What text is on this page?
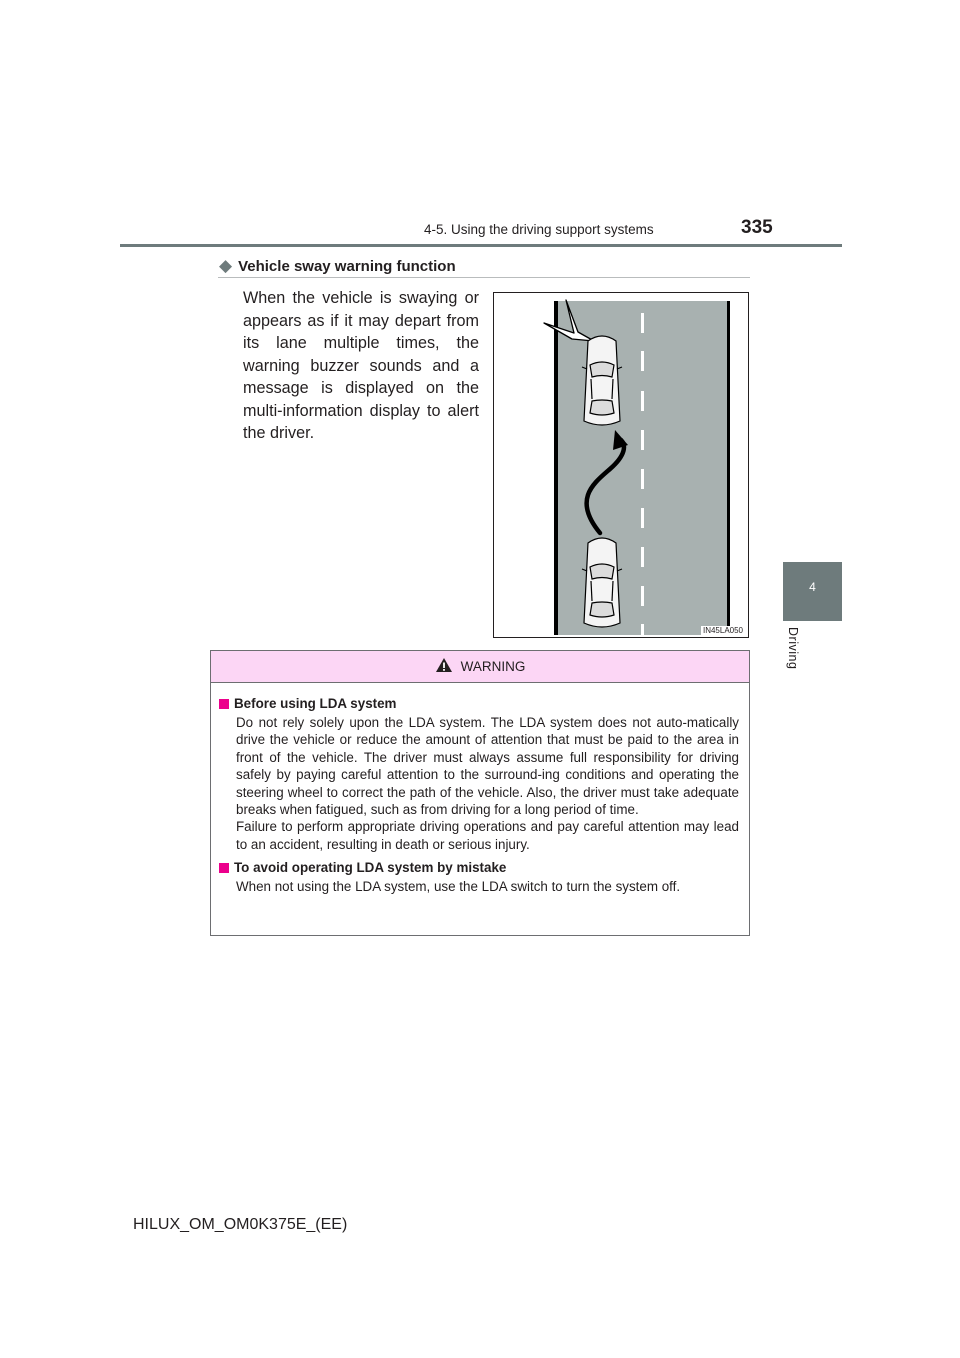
4-5. Using the driving support systems	335
4
Driving
◆ Vehicle sway warning function
When the vehicle is swaying or appears as if it may depart from its lane multiple times, the warning buzzer sounds and a message is displayed on the multi-information display to alert the driver.
IN45LA050
WARNING
Before using LDA system
Do not rely solely upon the LDA system. The LDA system does not auto-matically drive the vehicle or reduce the amount of attention that must be paid to the area in front of the vehicle. The driver must always assume full responsibility for driving safely by paying careful attention to the surround-ing conditions and operating the steering wheel to correct the path of the vehicle. Also, the driver must take adequate breaks when fatigued, such as from driving for a long period of time.
Failure to perform appropriate driving operations and pay careful attention may lead to an accident, resulting in death or serious injury.
To avoid operating LDA system by mistake
When not using the LDA system, use the LDA switch to turn the system off.
HILUX_OM_OM0K375E_(EE)
